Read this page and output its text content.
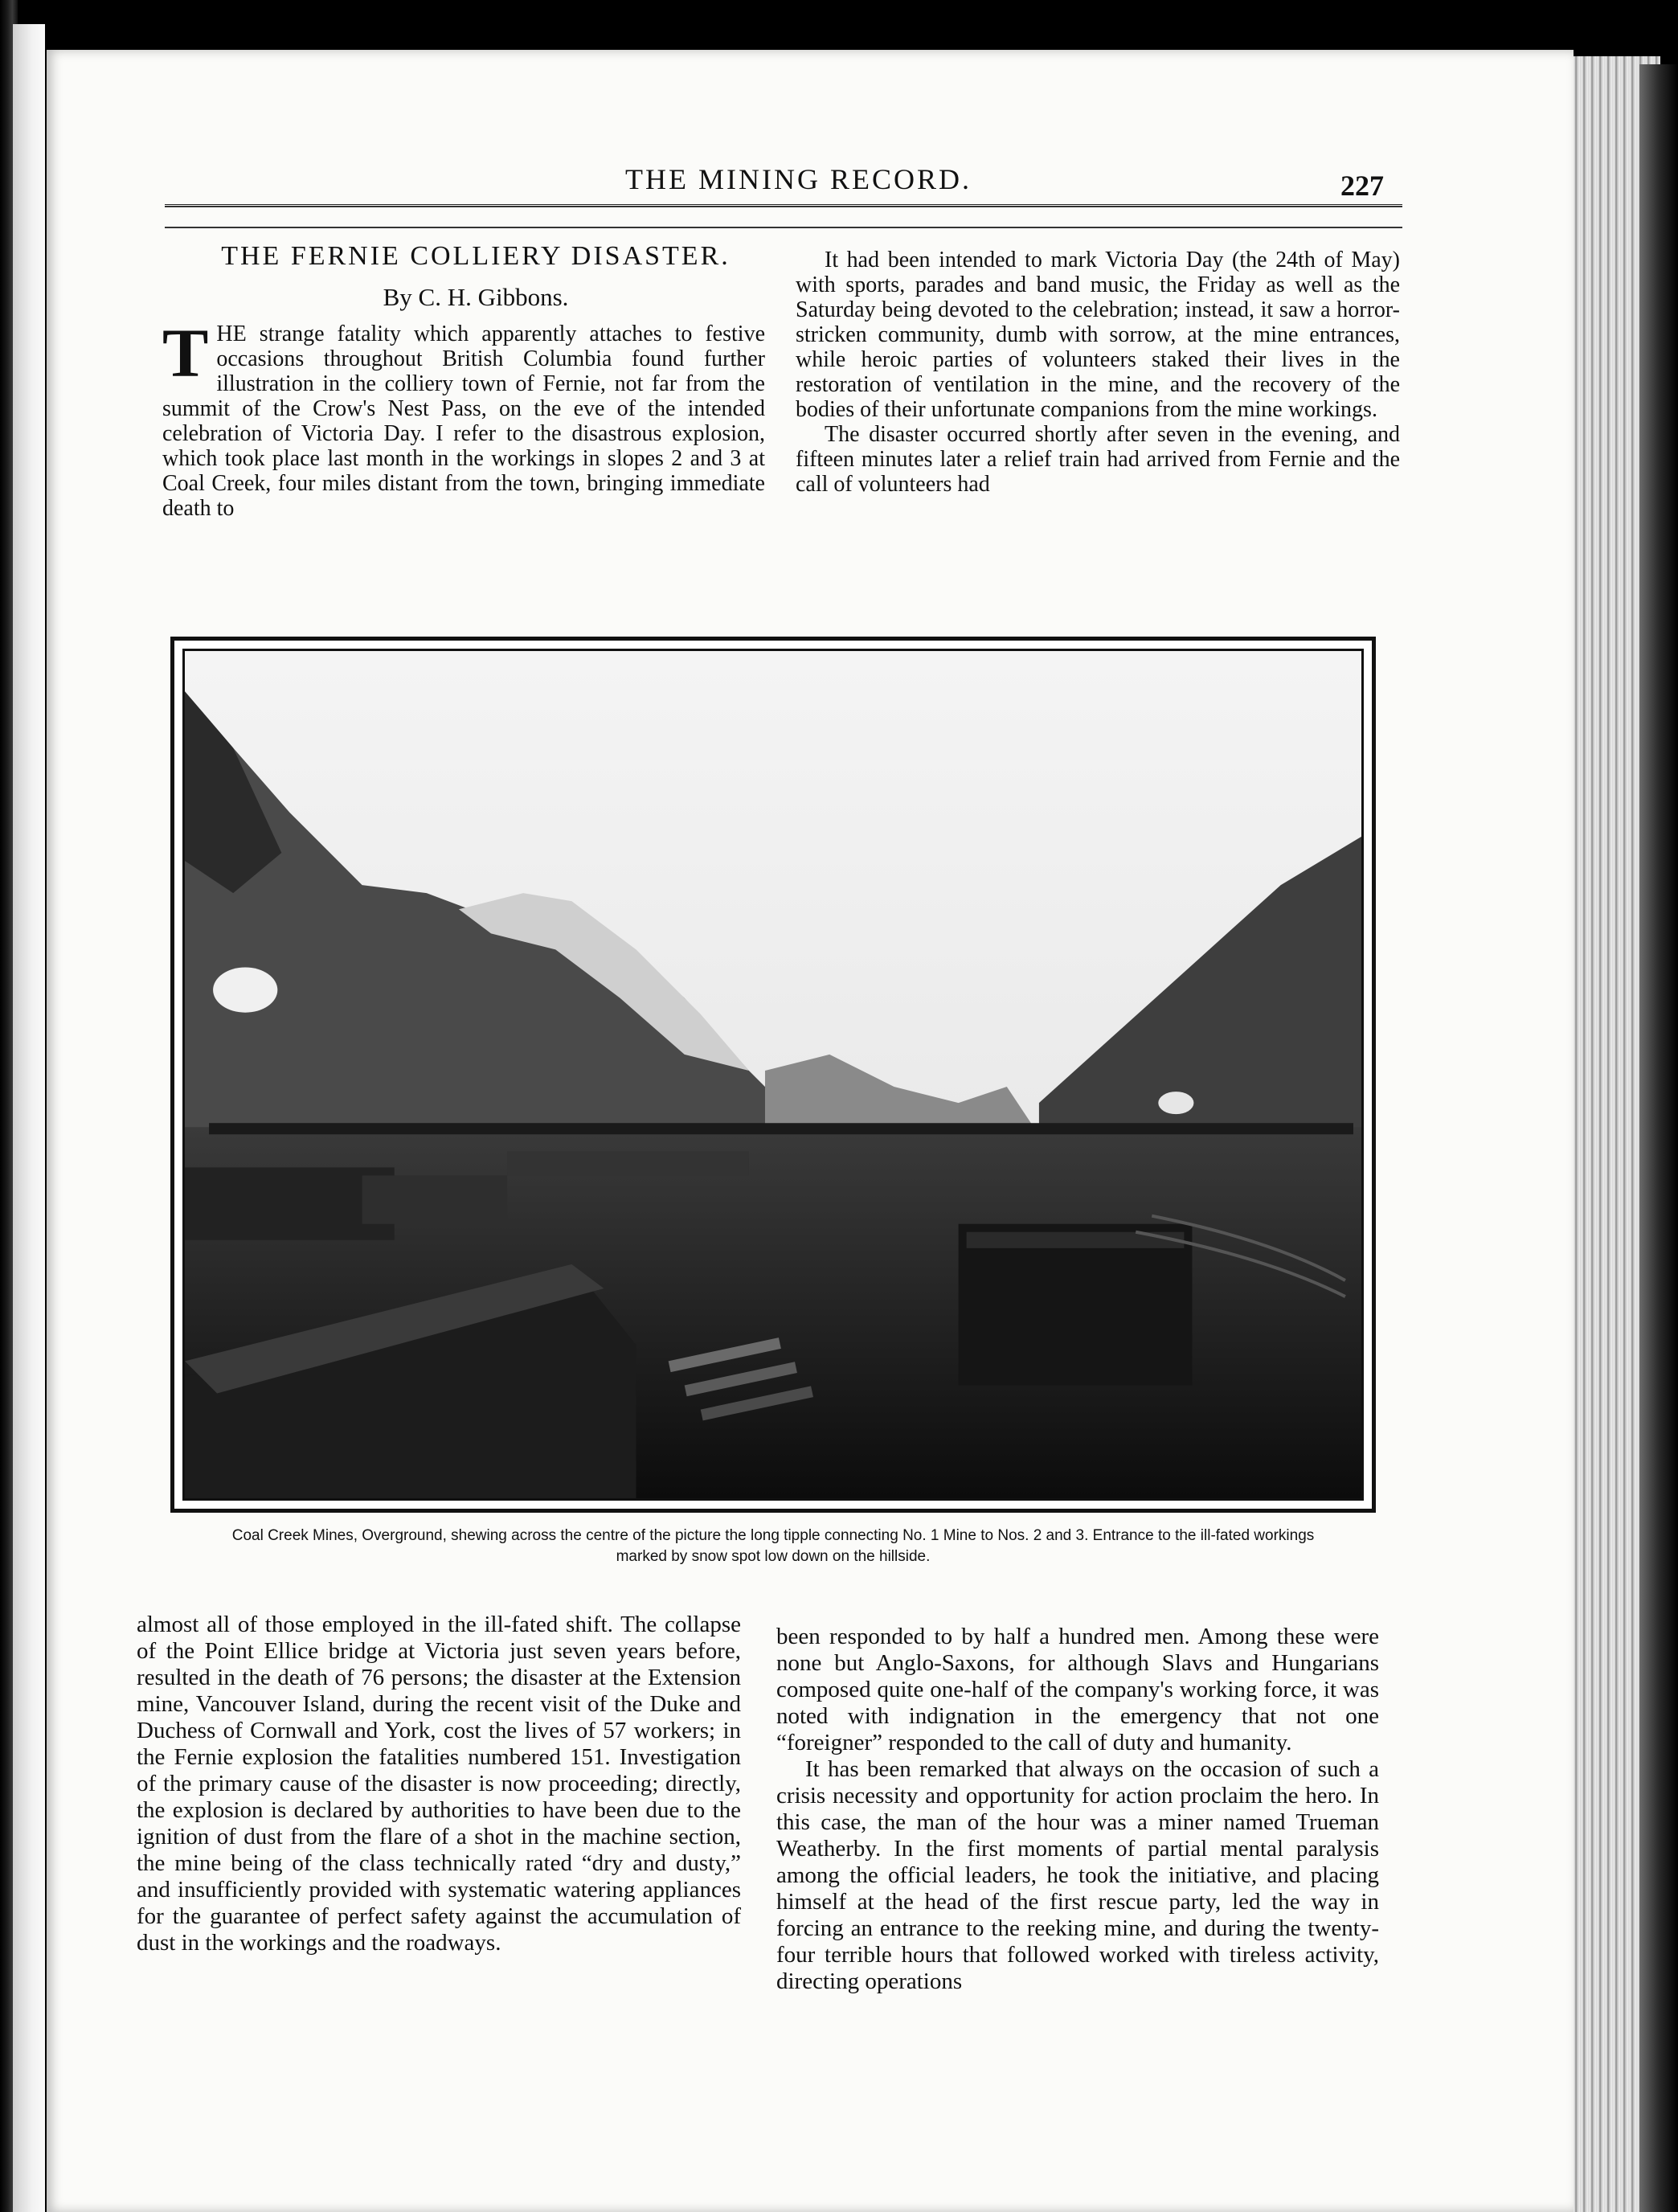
THE MINING RECORD.	227
THE FERNIE COLLIERY DISASTER.
By C. H. Gibbons.
T HE strange fatality which apparently attaches to festive occasions throughout British Columbia found further illustration in the colliery town of Fernie, not far from the summit of the Crow's Nest Pass, on the eve of the intended celebration of Victoria Day. I refer to the disastrous explosion, which took place last month in the workings in slopes 2 and 3 at Coal Creek, four miles distant from the town, bringing immediate death to

It had been intended to mark Victoria Day (the 24th of May) with sports, parades and band music, the Friday as well as the Saturday being devoted to the celebration; instead, it saw a horror-stricken community, dumb with sorrow, at the mine entrances, while heroic parties of volunteers staked their lives in the restoration of ventilation in the mine, and the recovery of the bodies of their unfortunate companions from the mine workings.

The disaster occurred shortly after seven in the evening, and fifteen minutes later a relief train had arrived from Fernie and the call of volunteers had

Coal Creek Mines, Overground, shewing across the centre of the picture the long tipple connecting No. 1 Mine to Nos. 2 and 3. Entrance to the ill-fated workings marked by snow spot low down on the hillside.

almost all of those employed in the ill-fated shift. The collapse of the Point Ellice bridge at Victoria just seven years before, resulted in the death of 76 persons; the disaster at the Extension mine, Vancouver Island, during the recent visit of the Duke and Duchess of Cornwall and York, cost the lives of 57 workers; in the Fernie explosion the fatalities numbered 151. Investigation of the primary cause of the disaster is now proceeding; directly, the explosion is declared by authorities to have been due to the ignition of dust from the flare of a shot in the machine section, the mine being of the class technically rated “dry and dusty,” and insufficiently provided with systematic watering appliances for the guarantee of perfect safety against the accumulation of dust in the workings and the roadways.

been responded to by half a hundred men. Among these were none but Anglo-Saxons, for although Slavs and Hungarians composed quite one-half of the company's working force, it was noted with indignation in the emergency that not one “foreigner” responded to the call of duty and humanity.

It has been remarked that always on the occasion of such a crisis necessity and opportunity for action proclaim the hero. In this case, the man of the hour was a miner named Trueman Weatherby. In the first moments of partial mental paralysis among the official leaders, he took the initiative, and placing himself at the head of the first rescue party, led the way in forcing an entrance to the reeking mine, and during the twenty-four terrible hours that followed worked with tireless activity, directing operations
